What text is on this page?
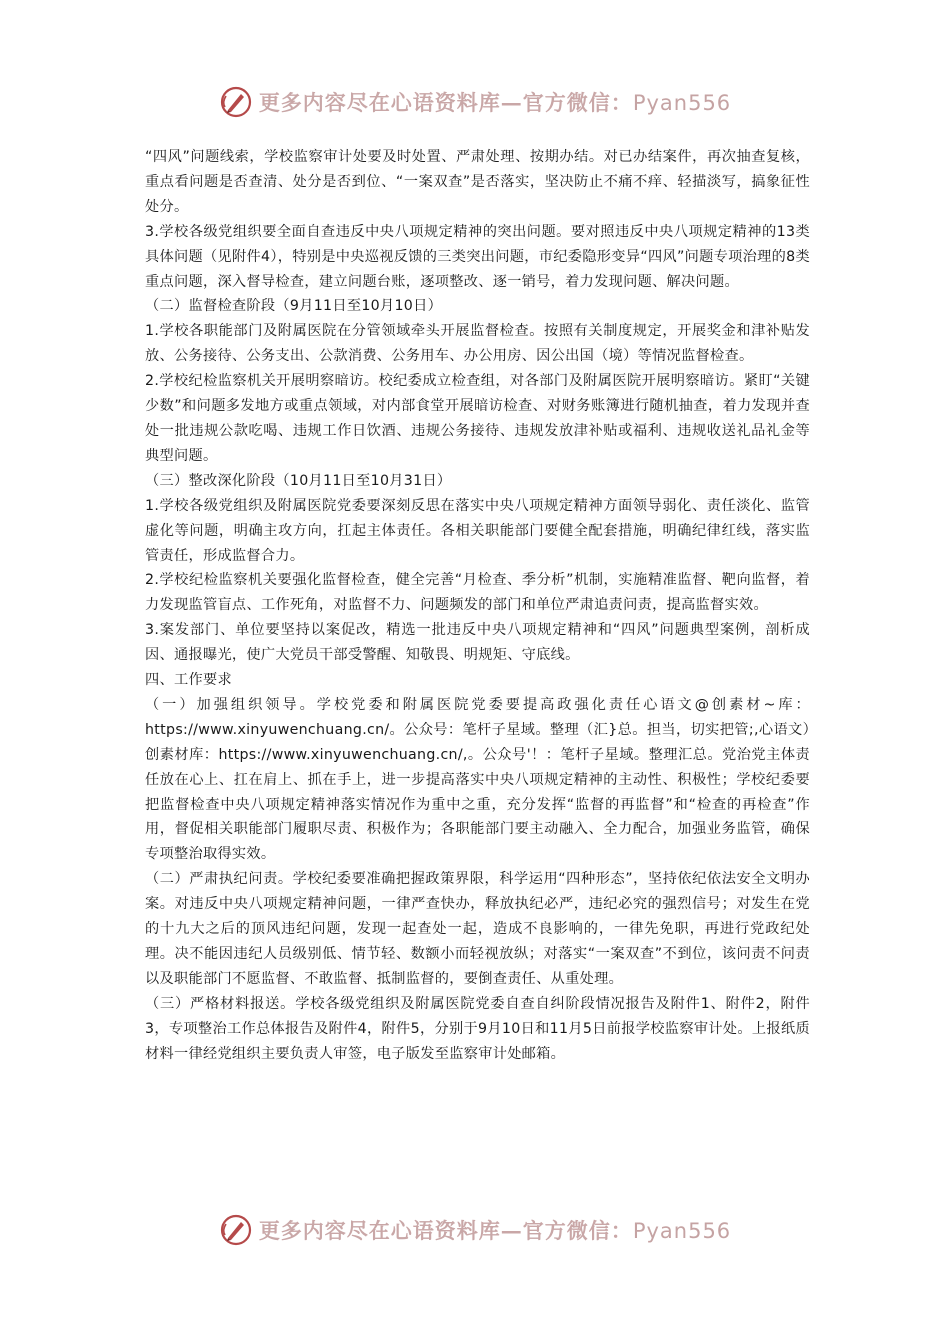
更多内容尽在心语资料库—官方微信：Pyan556

“四风”问题线索，学校监察审计处要及时处置、严肃处理、按期办结。对已办结案件，再次抽查复核，重点看问题是否查清、处分是否到位、“一案双查”是否落实，坚决防止不痛不痒、轻描淡写，搞象征性处分。

3.学校各级党组织要全面自查违反中央八项规定精神的突出问题。要对照违反中央八项规定精神的13类具体问题（见附件4），特别是中央巡视反馈的三类突出问题，市纪委隐形变异“四风”问题专项治理的8类重点问题，深入督导检查，建立问题台账，逐项整改、逐一销号，着力发现问题、解决问题。

（二）监督检查阶段（9月11日至10月10日）

1.学校各职能部门及附属医院在分管领域牵头开展监督检查。按照有关制度规定，开展奖金和津补贴发放、公务接待、公务支出、公款消费、公务用车、办公用房、因公出国（境）等情况监督检查。

2.学校纪检监察机关开展明察暗访。校纪委成立检查组，对各部门及附属医院开展明察暗访。紧盯“关键少数”和问题多发地方或重点领域，对内部食堂开展暗访检查、对财务账簿进行随机抽查，着力发现并查处一批违规公款吃喝、违规工作日饮酒、违规公务接待、违规发放津补贴或福利、违规收送礼品礼金等典型问题。

（三）整改深化阶段（10月11日至10月31日）

1.学校各级党组织及附属医院党委要深刻反思在落实中央八项规定精神方面领导弱化、责任淡化、监管虚化等问题，明确主攻方向，扛起主体责任。各相关职能部门要健全配套措施，明确纪律红线，落实监管责任，形成监督合力。

2.学校纪检监察机关要强化监督检查，健全完善“月检查、季分析”机制，实施精准监督、靶向监督，着力发现监管盲点、工作死角，对监督不力、问题频发的部门和单位严肃追责问责，提高监督实效。

3.案发部门、单位要坚持以案促改，精选一批违反中央八项规定精神和“四风”问题典型案例，剖析成因、通报曝光，使广大党员干部受警醒、知敬畏、明规矩、守底线。

四、工作要求

（一）加强组织领导。学校党委和附属医院党委要提高政强化责任心语文@创素材~库：https://www.xinyuwenchuang.cn/。公众号：笔杆子星域。整理（汇}总。担当，切实把管;,心语文）创素材库：https://www.xinyuwenchuang.cn/,。公众号'！：笔杆子星域。整理汇总。党治党主体责任放在心上、扛在肩上、抓在手上，进一步提高落实中央八项规定精神的主动性、积极性；学校纪委要把监督检查中央八项规定精神落实情况作为重中之重，充分发挥“监督的再监督”和“检查的再检查”作用，督促相关职能部门履职尽责、积极作为；各职能部门要主动融入、全力配合，加强业务监管，确保专项整治取得实效。

（二）严肃执纪问责。学校纪委要准确把握政策界限，科学运用“四种形态”，坚持依纪依法安全文明办案。对违反中央八项规定精神问题，一律严查快办，释放执纪必严，违纪必究的强烈信号；对发生在党的十九大之后的顶风违纪问题，发现一起查处一起，造成不良影响的，一律先免职，再进行党政纪处理。决不能因违纪人员级别低、情节轻、数额小而轻视放纵；对落实“一案双查”不到位，该问责不问责以及职能部门不愿监督、不敢监督、抵制监督的，要倒查责任、从重处理。

（三）严格材料报送。学校各级党组织及附属医院党委自查自纠阶段情况报告及附件1、附件2，附件3，专项整治工作总体报告及附件4，附件5，分别于9月10日和11月5日前报学校监察审计处。上报纸质材料一律经党组织主要负责人审签，电子版发至监察审计处邮箱。

更多内容尽在心语资料库—官方微信：Pyan556
